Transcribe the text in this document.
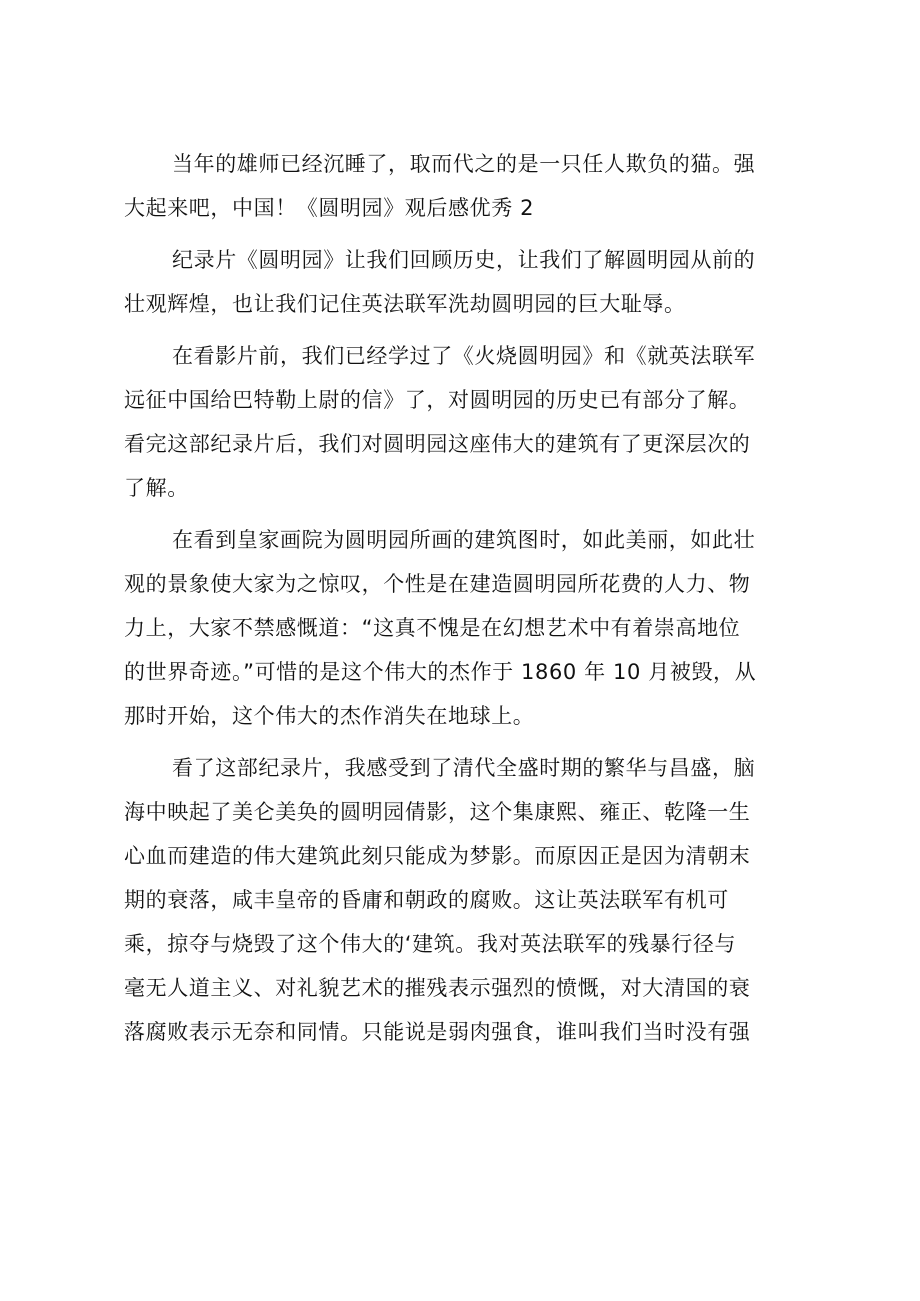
当年的雄师已经沉睡了，取而代之的是一只任人欺负的猫。强
大起来吧，中国！《圆明园》观后感优秀 2
纪录片《圆明园》让我们回顾历史，让我们了解圆明园从前的
壮观辉煌，也让我们记住英法联军洗劫圆明园的巨大耻辱。
在看影片前，我们已经学过了《火烧圆明园》和《就英法联军
远征中国给巴特勒上尉的信》了，对圆明园的历史已有部分了解。
看完这部纪录片后，我们对圆明园这座伟大的建筑有了更深层次的
了解。
在看到皇家画院为圆明园所画的建筑图时，如此美丽，如此壮
观的景象使大家为之惊叹，个性是在建造圆明园所花费的人力、物
力上，大家不禁感慨道：“这真不愧是在幻想艺术中有着崇高地位
的世界奇迹。”可惜的是这个伟大的杰作于 1860 年 10 月被毁，从
那时开始，这个伟大的杰作消失在地球上。
看了这部纪录片，我感受到了清代全盛时期的繁华与昌盛，脑
海中映起了美仑美奂的圆明园倩影，这个集康熙、雍正、乾隆一生
心血而建造的伟大建筑此刻只能成为梦影。而原因正是因为清朝末
期的衰落，咸丰皇帝的昏庸和朝政的腐败。这让英法联军有机可
乘，掠夺与烧毁了这个伟大的‘建筑。我对英法联军的残暴行径与
毫无人道主义、对礼貌艺术的摧残表示强烈的愤慨，对大清国的衰
落腐败表示无奈和同情。只能说是弱肉强食，谁叫我们当时没有强
